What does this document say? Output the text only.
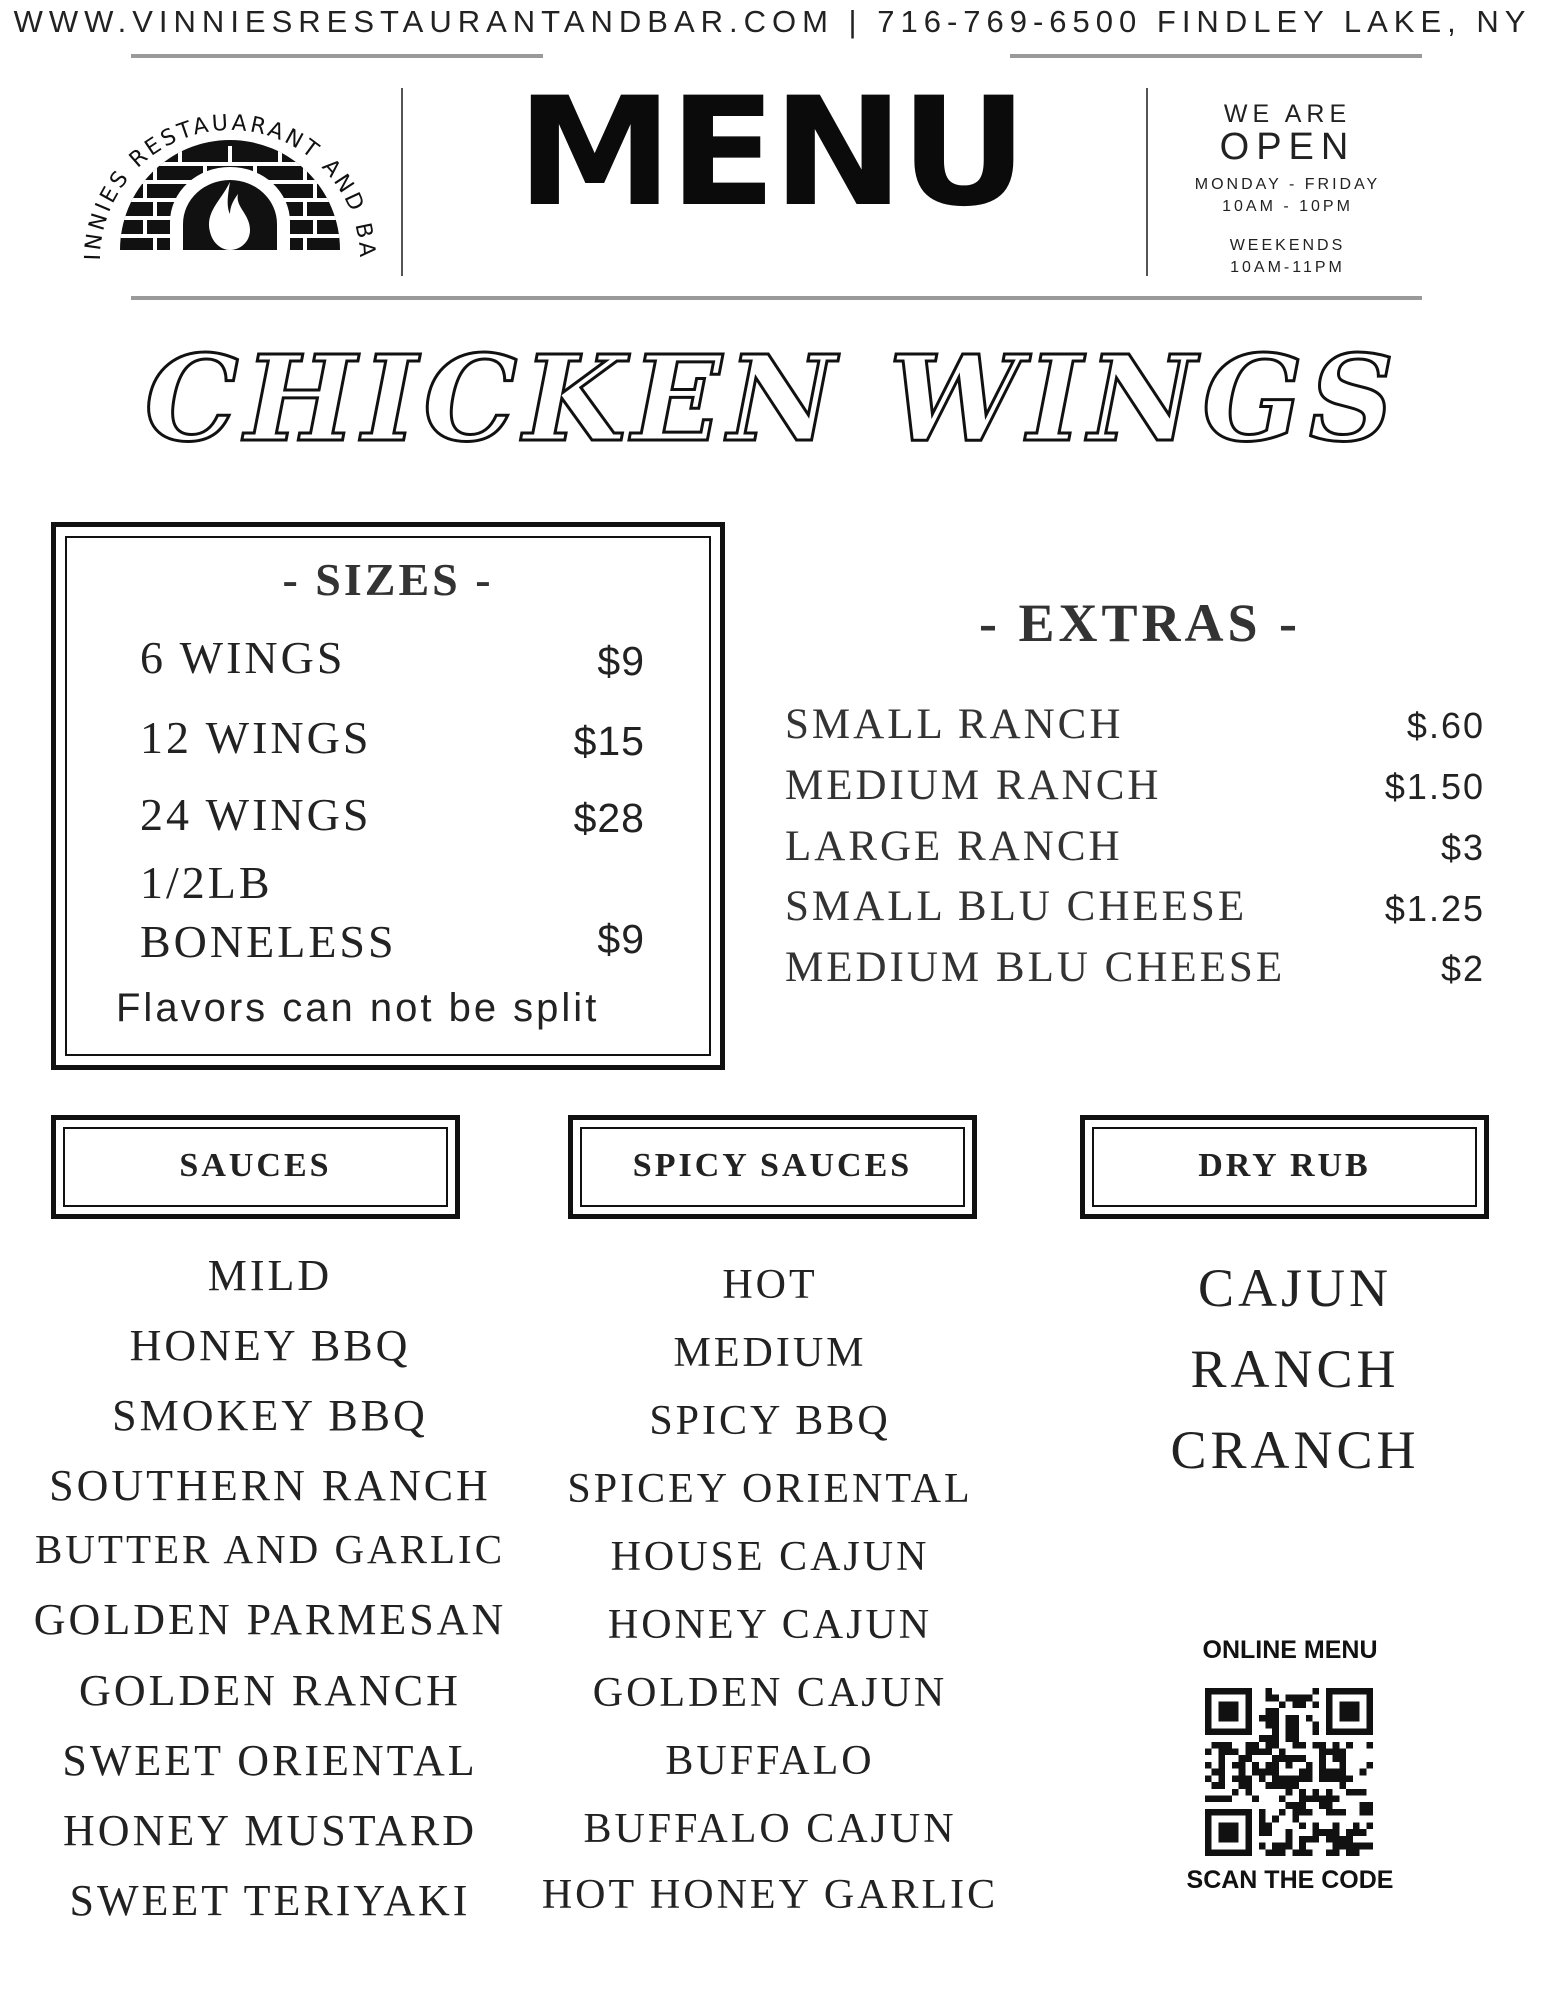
WWW.VINNIESRESTAURANTANDBAR.COM | 716-769-6500 FINDLEY LAKE, NY
INNIES RESTAUARANT AND BA
MENU	WE ARE
OPEN
MONDAY - FRIDAY
10AM - 10PM
WEEKENDS
10AM-11PM
CHICKEN WINGS
- SIZES -
6 WINGS	$9
12 WINGS	$15
24 WINGS	$28
1/2LB
BONELESS	$9
Flavors can not be split
- EXTRAS -
SMALL RANCH	$.60
MEDIUM RANCH	$1.50
LARGE RANCH	$3
SMALL BLU CHEESE	$1.25
MEDIUM BLU CHEESE	$2
SAUCES	SPICY SAUCES	DRY RUB
MILD
HONEY BBQ
SMOKEY BBQ
SOUTHERN RANCH
BUTTER AND GARLIC
GOLDEN PARMESAN
GOLDEN RANCH
SWEET ORIENTAL
HONEY MUSTARD
SWEET TERIYAKI
HOT
MEDIUM
SPICY BBQ
SPICEY ORIENTAL
HOUSE CAJUN
HONEY CAJUN
GOLDEN CAJUN
BUFFALO
BUFFALO CAJUN
HOT HONEY GARLIC
CAJUN
RANCH
CRANCH
ONLINE MENU
SCAN THE CODE
